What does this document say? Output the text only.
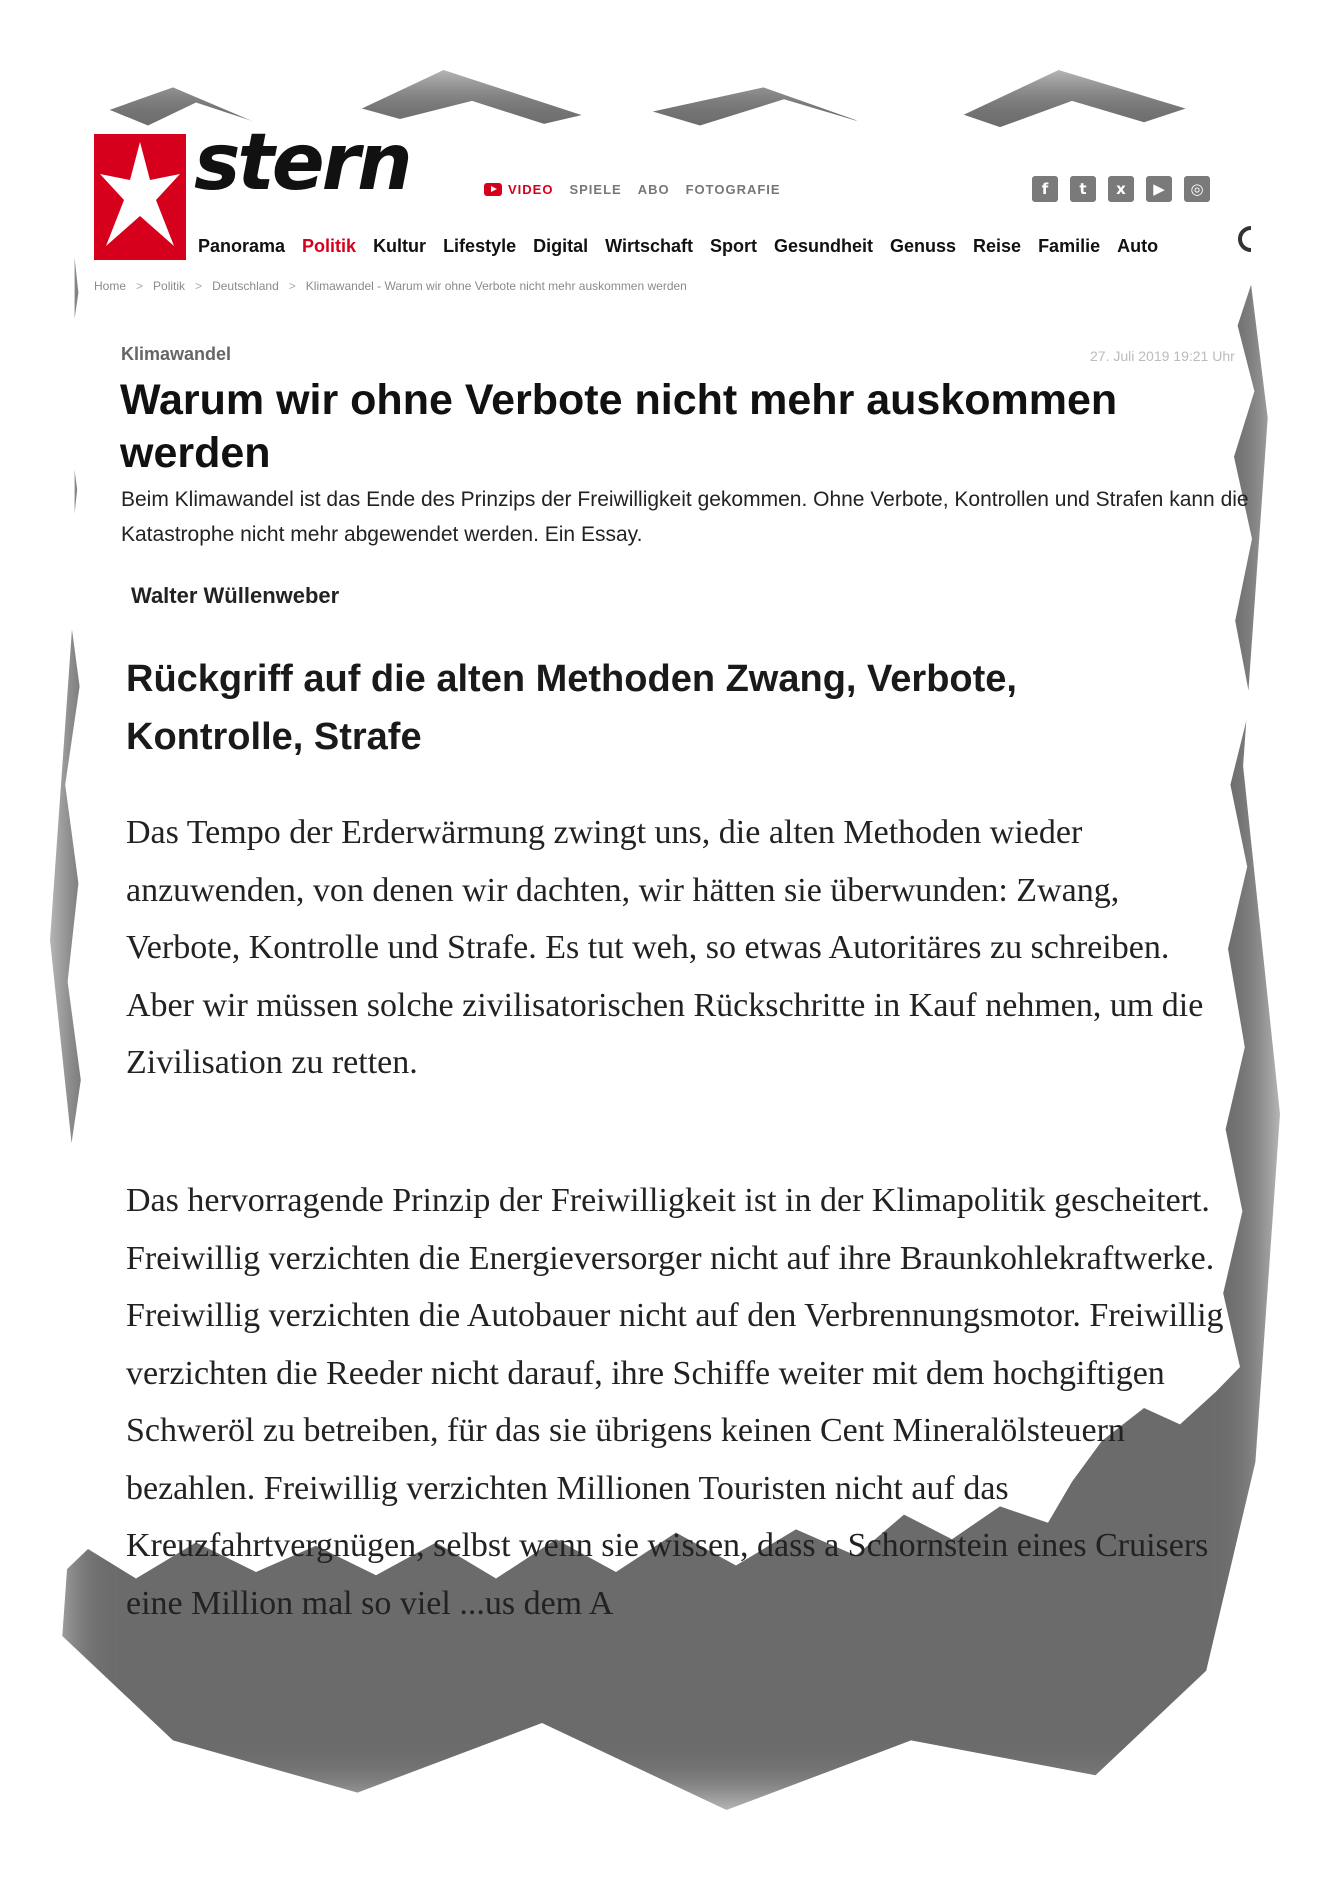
stern	VIDEO SPIELE ABO FOTOGRAFIE	f	t	x	▶	◎
Panorama Politik Kultur Lifestyle Digital Wirtschaft Sport Gesundheit Genuss Reise Familie Auto
Home > Politik > Deutschland > Klimawandel - Warum wir ohne Verbote nicht mehr auskommen werden
Klimawandel	27. Juli 2019 19:21 Uhr
Warum wir ohne Verbote nicht mehr auskommen werden

Beim Klimawandel ist das Ende des Prinzips der Freiwilligkeit gekommen. Ohne Verbote, Kontrollen und Strafen kann die Katastrophe nicht mehr abgewendet werden. Ein Essay.

Walter Wüllenweber
Rückgriff auf die alten Methoden Zwang, Verbote, Kontrolle, Strafe

Das Tempo der Erderwärmung zwingt uns, die alten Methoden wieder anzuwenden, von denen wir dachten, wir hätten sie überwunden: Zwang, Verbote, Kontrolle und Strafe. Es tut weh, so etwas Autoritäres zu schreiben. Aber wir müssen solche zivilisatorischen Rückschritte in Kauf nehmen, um die Zivilisation zu retten.

Das hervorragende Prinzip der Freiwilligkeit ist in der Klimapolitik gescheitert. Freiwillig verzichten die Energieversorger nicht auf ihre Braunkohlekraftwerke. Freiwillig verzichten die Autobauer nicht auf den Verbrennungsmotor. Freiwillig verzichten die Reeder nicht darauf, ihre Schiffe weiter mit dem hochgiftigen Schweröl zu betreiben, für das sie übrigens keinen Cent Mineralölsteuern bezahlen. Freiwillig verzichten Millionen Touristen nicht auf das Kreuzfahrtvergnügen, selbst wenn sie wissen, dass a Schornstein eines Cruisers eine Million mal so viel ...us dem A
